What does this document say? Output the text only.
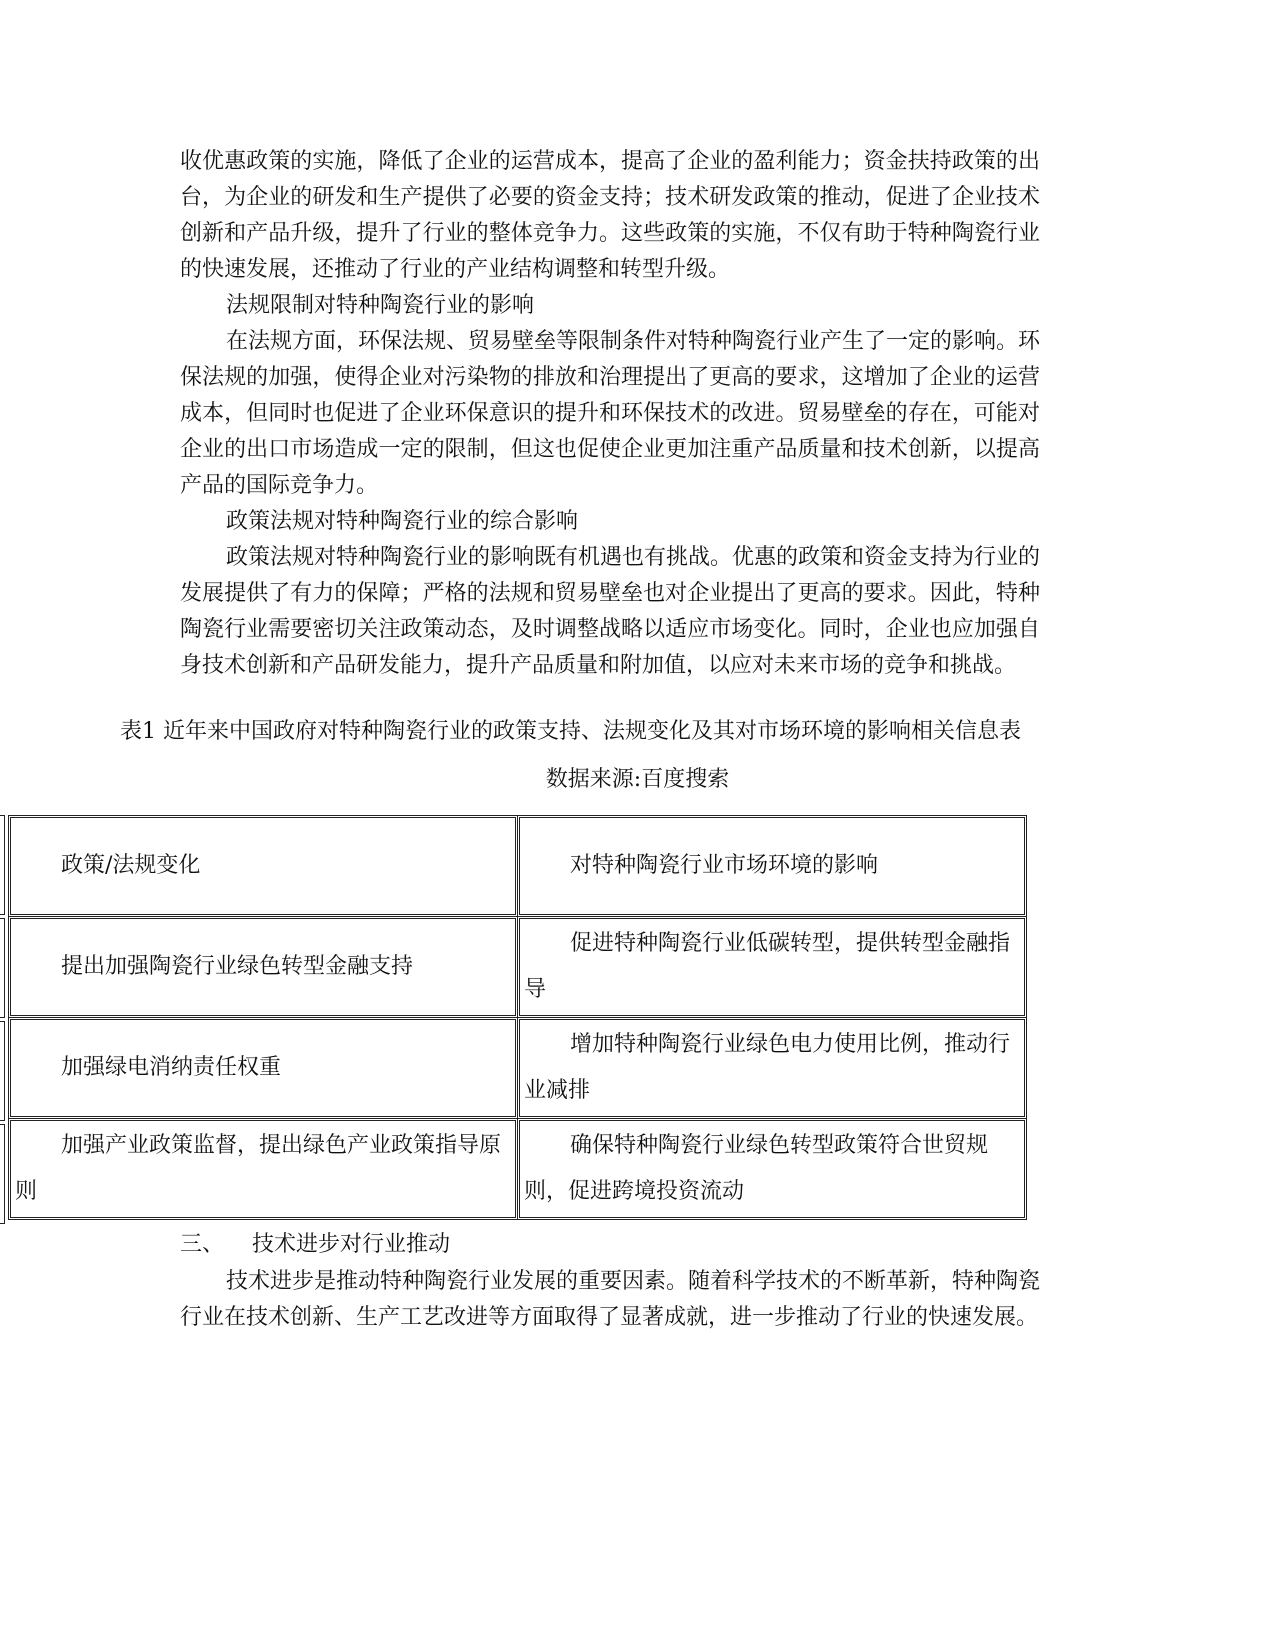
收优惠政策的实施，降低了企业的运营成本，提高了企业的盈利能力；资金扶持政策的出台，为企业的研发和生产提供了必要的资金支持；技术研发政策的推动，促进了企业技术创新和产品升级，提升了行业的整体竞争力。这些政策的实施，不仅有助于特种陶瓷行业的快速发展，还推动了行业的产业结构调整和转型升级。

法规限制对特种陶瓷行业的影响

在法规方面，环保法规、贸易壁垒等限制条件对特种陶瓷行业产生了一定的影响。环保法规的加强，使得企业对污染物的排放和治理提出了更高的要求，这增加了企业的运营成本，但同时也促进了企业环保意识的提升和环保技术的改进。贸易壁垒的存在，可能对企业的出口市场造成一定的限制，但这也促使企业更加注重产品质量和技术创新，以提高产品的国际竞争力。

政策法规对特种陶瓷行业的综合影响

政策法规对特种陶瓷行业的影响既有机遇也有挑战。优惠的政策和资金支持为行业的发展提供了有力的保障；严格的法规和贸易壁垒也对企业提出了更高的要求。因此，特种陶瓷行业需要密切关注政策动态，及时调整战略以适应市场变化。同时，企业也应加强自身技术创新和产品研发能力，提升产品质量和附加值，以应对未来市场的竞争和挑战。

表1 近年来中国政府对特种陶瓷行业的政策支持、法规变化及其对市场环境的影响相关信息表
数据来源:百度搜索
政策/法规变化	对特种陶瓷行业市场环境的影响

提出加强陶瓷行业绿色转型金融支持	促进特种陶瓷行业低碳转型，提供转型金融指导

加强绿电消纳责任权重	增加特种陶瓷行业绿色电力使用比例，推动行业减排

加强产业政策监督，提出绿色产业政策指导原则	确保特种陶瓷行业绿色转型政策符合世贸规则，促进跨境投资流动
三、 技术进步对行业推动

技术进步是推动特种陶瓷行业发展的重要因素。随着科学技术的不断革新，特种陶瓷行业在技术创新、生产工艺改进等方面取得了显著成就，进一步推动了行业的快速发展。
